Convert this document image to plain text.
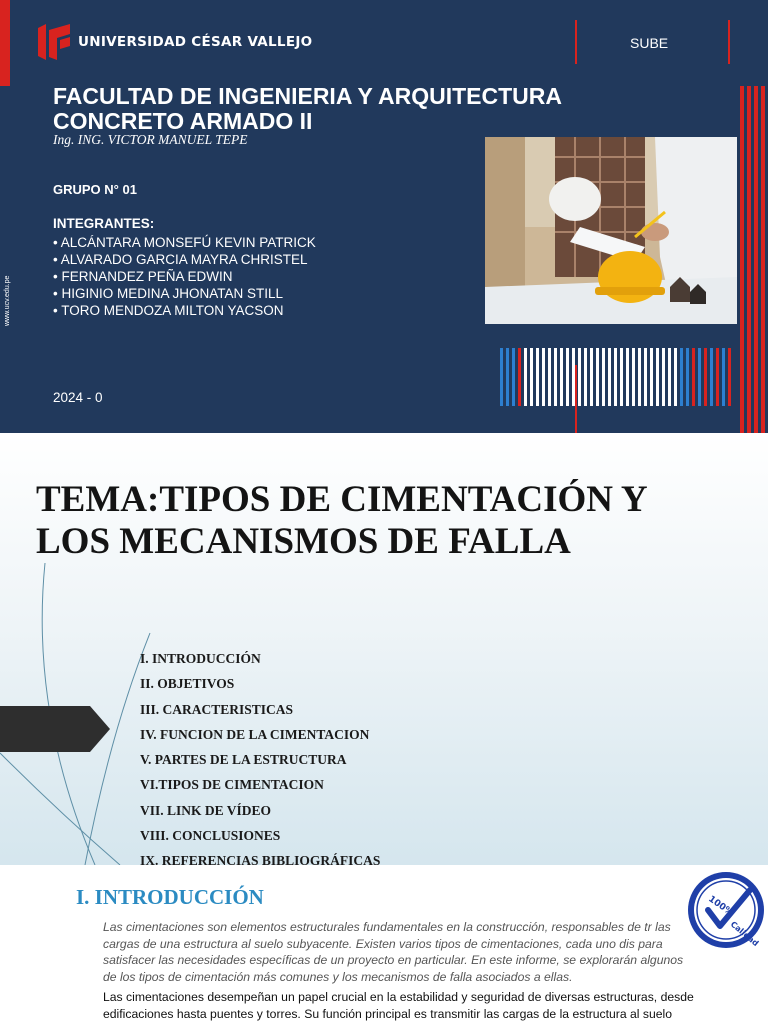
UNIVERSIDAD CÉSAR VALLEJO	SUBE
FACULTAD DE INGENIERIA Y ARQUITECTURA
CONCRETO ARMADO II
Ing. ING. VICTOR MANUEL TEPE
GRUPO N° 01
INTEGRANTES:
• ALCÁNTARA MONSEFÚ KEVIN PATRICK
• ALVARADO GARCIA MAYRA CHRISTEL
• FERNANDEZ PEÑA EDWIN
• HIGINIO MEDINA JHONATAN STILL
• TORO MENDOZA MILTON YACSON
2024 - 0
www.ucv.edu.pe
TEMA:TIPOS DE CIMENTACIÓN Y
LOS MECANISMOS DE FALLA
I. INTRODUCCIÓN
II. OBJETIVOS
III. CARACTERISTICAS
IV. FUNCION DE LA CIMENTACION
V. PARTES DE LA ESTRUCTURA
VI.TIPOS DE CIMENTACION
VII. LINK DE VÍDEO
VIII. CONCLUSIONES
IX. REFERENCIAS BIBLIOGRÁFICAS
I. INTRODUCCIÓN

Las cimentaciones son elementos estructurales fundamentales en la construcción, responsables de tr las cargas de una estructura al suelo subyacente. Existen varios tipos de cimentaciones, cada uno dis para satisfacer las necesidades específicas de un proyecto en particular. En este informe, se explorarán algunos de los tipos de cimentación más comunes y los mecanismos de falla asociados a ellas.

Las cimentaciones desempeñan un papel crucial en la estabilidad y seguridad de diversas estructuras, desde edificaciones hasta puentes y torres. Su función principal es transmitir las cargas de la estructura al suelo

100%
Calidad
